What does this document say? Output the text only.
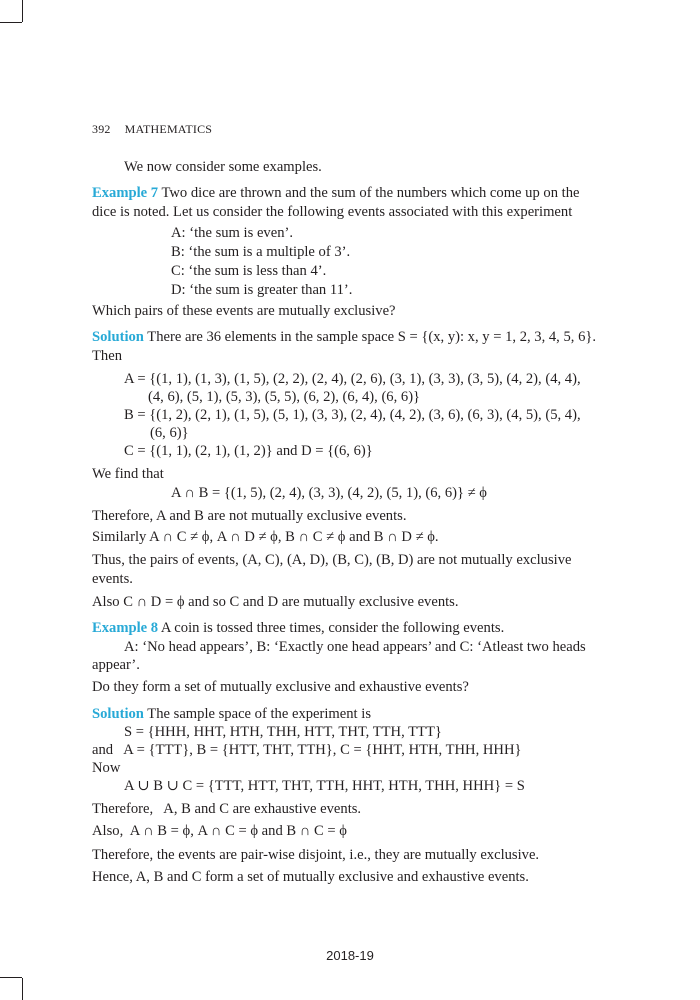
392 MATHEMATICS
We now consider some examples.
Example 7 Two dice are thrown and the sum of the numbers which come up on the
dice is noted. Let us consider the following events associated with this experiment
A: ‘the sum is even’.
B: ‘the sum is a multiple of 3’.
C: ‘the sum is less than 4’.
D: ‘the sum is greater than 11’.
Which pairs of these events are mutually exclusive?
Solution There are 36 elements in the sample space S = {(x, y): x, y = 1, 2, 3, 4, 5, 6}.
Then
A = {(1, 1), (1, 3), (1, 5), (2, 2), (2, 4), (2, 6), (3, 1), (3, 3), (3, 5), (4, 2), (4, 4),
(4, 6), (5, 1), (5, 3), (5, 5), (6, 2), (6, 4), (6, 6)}
B = {(1, 2), (2, 1), (1, 5), (5, 1), (3, 3), (2, 4), (4, 2), (3, 6), (6, 3), (4, 5), (5, 4),
(6, 6)}
C = {(1, 1), (2, 1), (1, 2)} and D = {(6, 6)}
We find that
A ∩ B = {(1, 5), (2, 4), (3, 3), (4, 2), (5, 1), (6, 6)} ≠ ϕ
Therefore, A and B are not mutually exclusive events.
Similarly A ∩ C ≠ ϕ, A ∩ D ≠ ϕ, B ∩ C ≠ ϕ and B ∩ D ≠ ϕ.
Thus, the pairs of events, (A, C), (A, D), (B, C), (B, D) are not mutually exclusive
events.
Also C ∩ D = ϕ and so C and D are mutually exclusive events.
Example 8 A coin is tossed three times, consider the following events.
A: ‘No head appears’, B: ‘Exactly one head appears’ and C: ‘Atleast two heads
appear’.
Do they form a set of mutually exclusive and exhaustive events?
Solution The sample space of the experiment is
S = {HHH, HHT, HTH, THH, HTT, THT, TTH, TTT}
and   A = {TTT}, B = {HTT, THT, TTH}, C = {HHT, HTH, THH, HHH}
Now
A ∪ B ∪ C = {TTT, HTT, THT, TTH, HHT, HTH, THH, HHH} = S
Therefore,   A, B and C are exhaustive events.
Also,  A ∩ B = ϕ, A ∩ C = ϕ and B ∩ C = ϕ
Therefore, the events are pair-wise disjoint, i.e., they are mutually exclusive.
Hence, A, B and C form a set of mutually exclusive and exhaustive events.
2018-19
